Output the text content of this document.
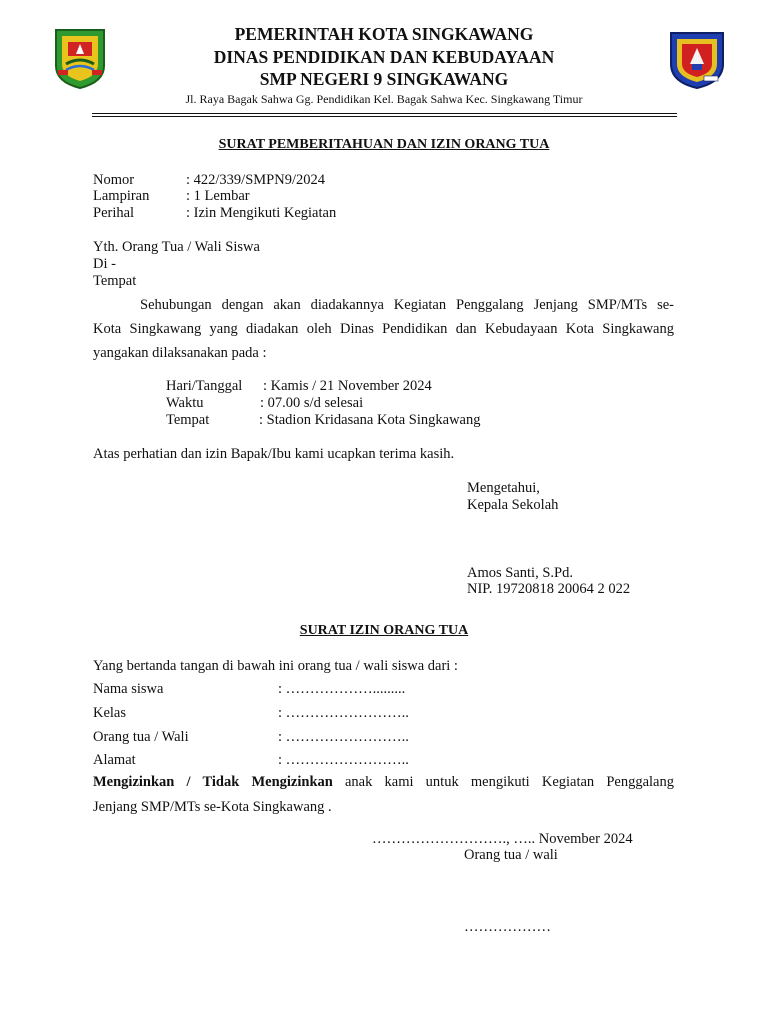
PEMERINTAH KOTA SINGKAWANG
DINAS PENDIDIKAN DAN KEBUDAYAAN
SMP NEGERI 9 SINGKAWANG
Jl. Raya Bagak Sahwa Gg. Pendidikan Kel. Bagak Sahwa Kec. Singkawang Timur
SURAT PEMBERITAHUAN DAN IZIN ORANG TUA
Nomor	: 422/339/SMPN9/2024
Lampiran	: 1 Lembar
Perihal	: Izin Mengikuti Kegiatan
Yth. Orang Tua / Wali Siswa
Di -
Tempat
Sehubungan dengan akan diadakannya Kegiatan Penggalang Jenjang SMP/MTs se-
Kota Singkawang yang diadakan oleh Dinas Pendidikan dan Kebudayaan Kota Singkawang
yangakan dilaksanakan pada :
Hari/Tanggal : Kamis / 21 November 2024
Waktu	: 07.00 s/d selesai
Tempat	: Stadion Kridasana Kota Singkawang
Atas perhatian dan izin Bapak/Ibu kami ucapkan terima kasih.
Mengetahui,
Kepala Sekolah
Amos Santi, S.Pd.
NIP. 19720818 20064 2 022
SURAT IZIN ORANG TUA
Yang bertanda tangan di bawah ini orang tua / wali siswa dari :
Nama siswa	: ……………….........
Kelas	: ……………………..
Orang tua / Wali	: ……………………..
Alamat	: ……………………..
Mengizinkan / Tidak Mengizinkan anak kami untuk mengikuti Kegiatan Penggalang
Jenjang SMP/MTs se-Kota Singkawang .
………………………., ….. November 2024
Orang tua / wali
………………
